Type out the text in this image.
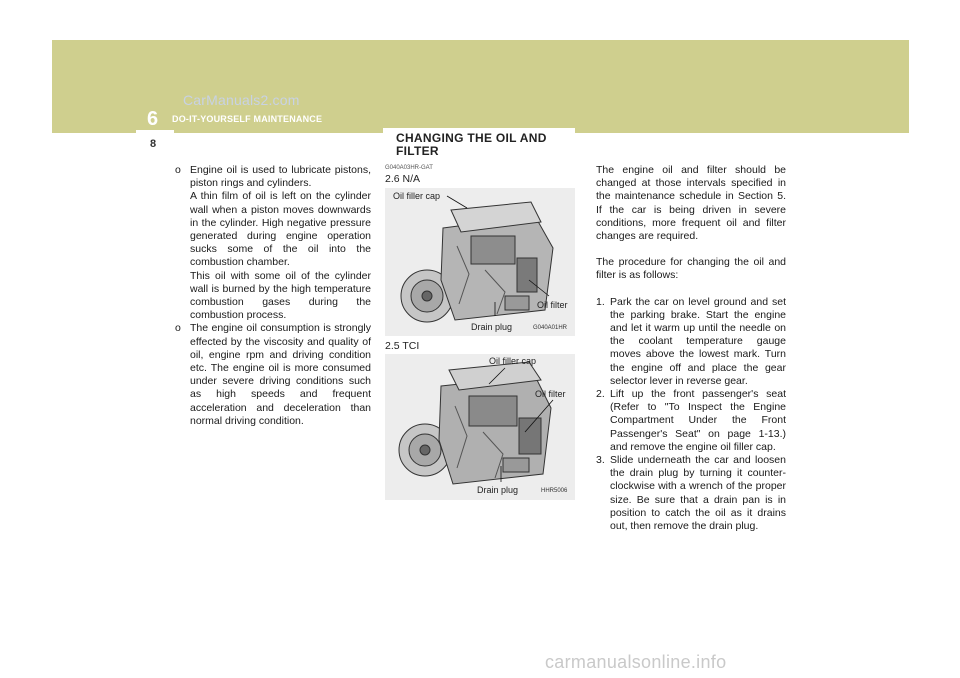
CarManuals2.com
6 DO-IT-YOURSELF MAINTENANCE
8	CHANGING THE OIL AND FILTER
o Engine oil is used to lubricate pistons, piston rings and cylinders.
A thin film of oil is left on the cylinder wall when a piston moves downwards in the cylinder. High negative pressure generated during engine operation sucks some of the oil into the combustion chamber.
This oil with some oil of the cylinder wall is burned by the high temperature combustion gases during the combustion process.
o The engine oil consumption is strongly effected by the viscosity and quality of oil, engine rpm and driving condition etc. The engine oil is more consumed under severe driving conditions such as high speeds and frequent acceleration and deceleration than normal driving condition.
G040A03HR-GAT
2.6 N/A
Oil filler cap
Oil filter
Drain plug	G040A01HR
2.5 TCI
Oil filler cap
Oil filter
Drain plug	HHR5006

The engine oil and filter should be changed at those intervals specified in the maintenance schedule in Section 5. If the car is being driven in severe conditions, more frequent oil and filter changes are required.

The procedure for changing the oil and filter is as follows:

1. Park the car on level ground and set the parking brake. Start the engine and let it warm up until the needle on the coolant temperature gauge moves above the lowest mark. Turn the engine off and place the gear selector lever in reverse gear.
2. Lift up the front passenger's seat (Refer to "To Inspect the Engine Compartment Under the Front Passenger's Seat" on page 1-13.) and remove the engine oil filler cap.
3. Slide underneath the car and loosen the drain plug by turning it counter-clockwise with a wrench of the proper size. Be sure that a drain pan is in position to catch the oil as it drains out, then remove the drain plug.
carmanualsonline.info
